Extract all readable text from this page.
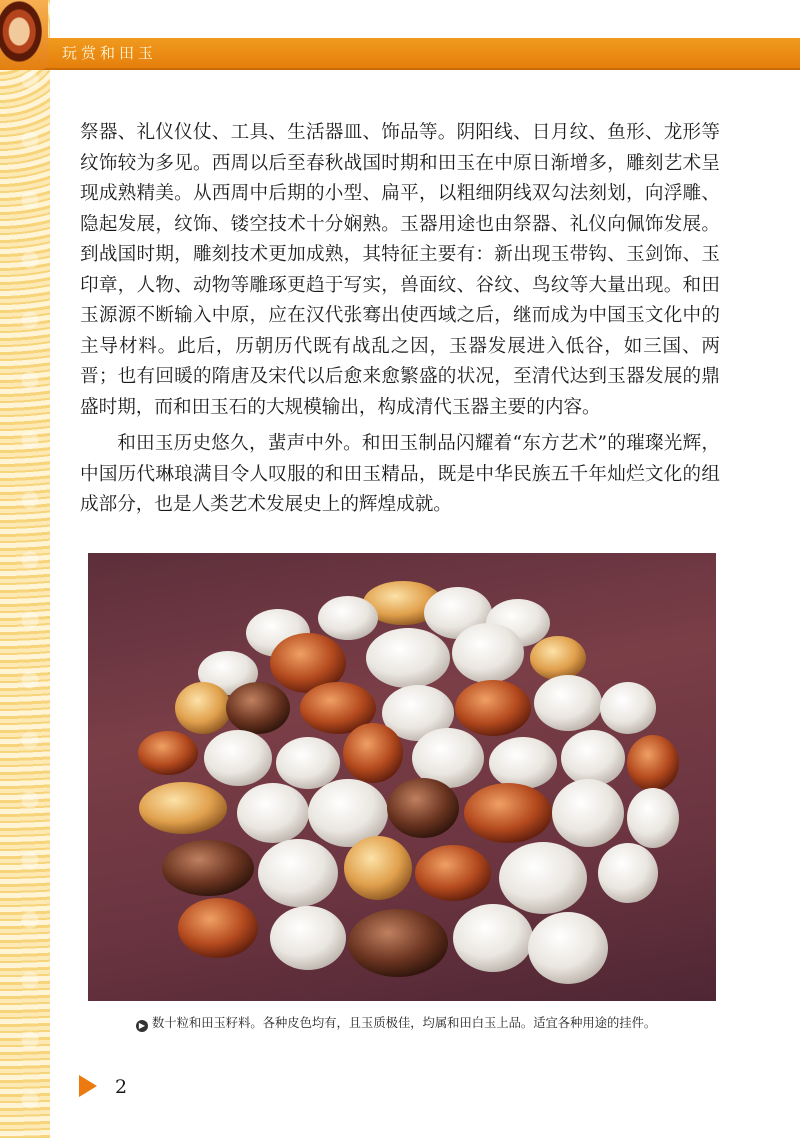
玩赏和田玉

祭器、礼仪仪仗、工具、生活器皿、饰品等。阴阳线、日月纹、鱼形、龙形等纹饰较为多见。西周以后至春秋战国时期和田玉在中原日渐增多，雕刻艺术呈现成熟精美。从西周中后期的小型、扁平，以粗细阴线双勾法刻划，向浮雕、隐起发展，纹饰、镂空技术十分娴熟。玉器用途也由祭器、礼仪向佩饰发展。到战国时期，雕刻技术更加成熟，其特征主要有：新出现玉带钩、玉剑饰、玉印章，人物、动物等雕琢更趋于写实，兽面纹、谷纹、鸟纹等大量出现。和田玉源源不断输入中原，应在汉代张骞出使西域之后，继而成为中国玉文化中的主导材料。此后，历朝历代既有战乱之因，玉器发展进入低谷，如三国、两晋；也有回暖的隋唐及宋代以后愈来愈繁盛的状况，至清代达到玉器发展的鼎盛时期，而和田玉石的大规模输出，构成清代玉器主要的内容。

和田玉历史悠久，蜚声中外。和田玉制品闪耀着“东方艺术”的璀璨光辉，中国历代琳琅满目令人叹服的和田玉精品，既是中华民族五千年灿烂文化的组成部分，也是人类艺术发展史上的辉煌成就。

▶ 数十粒和田玉籽料。各种皮色均有，且玉质极佳，均属和田白玉上品。适宜各种用途的挂件。
2
